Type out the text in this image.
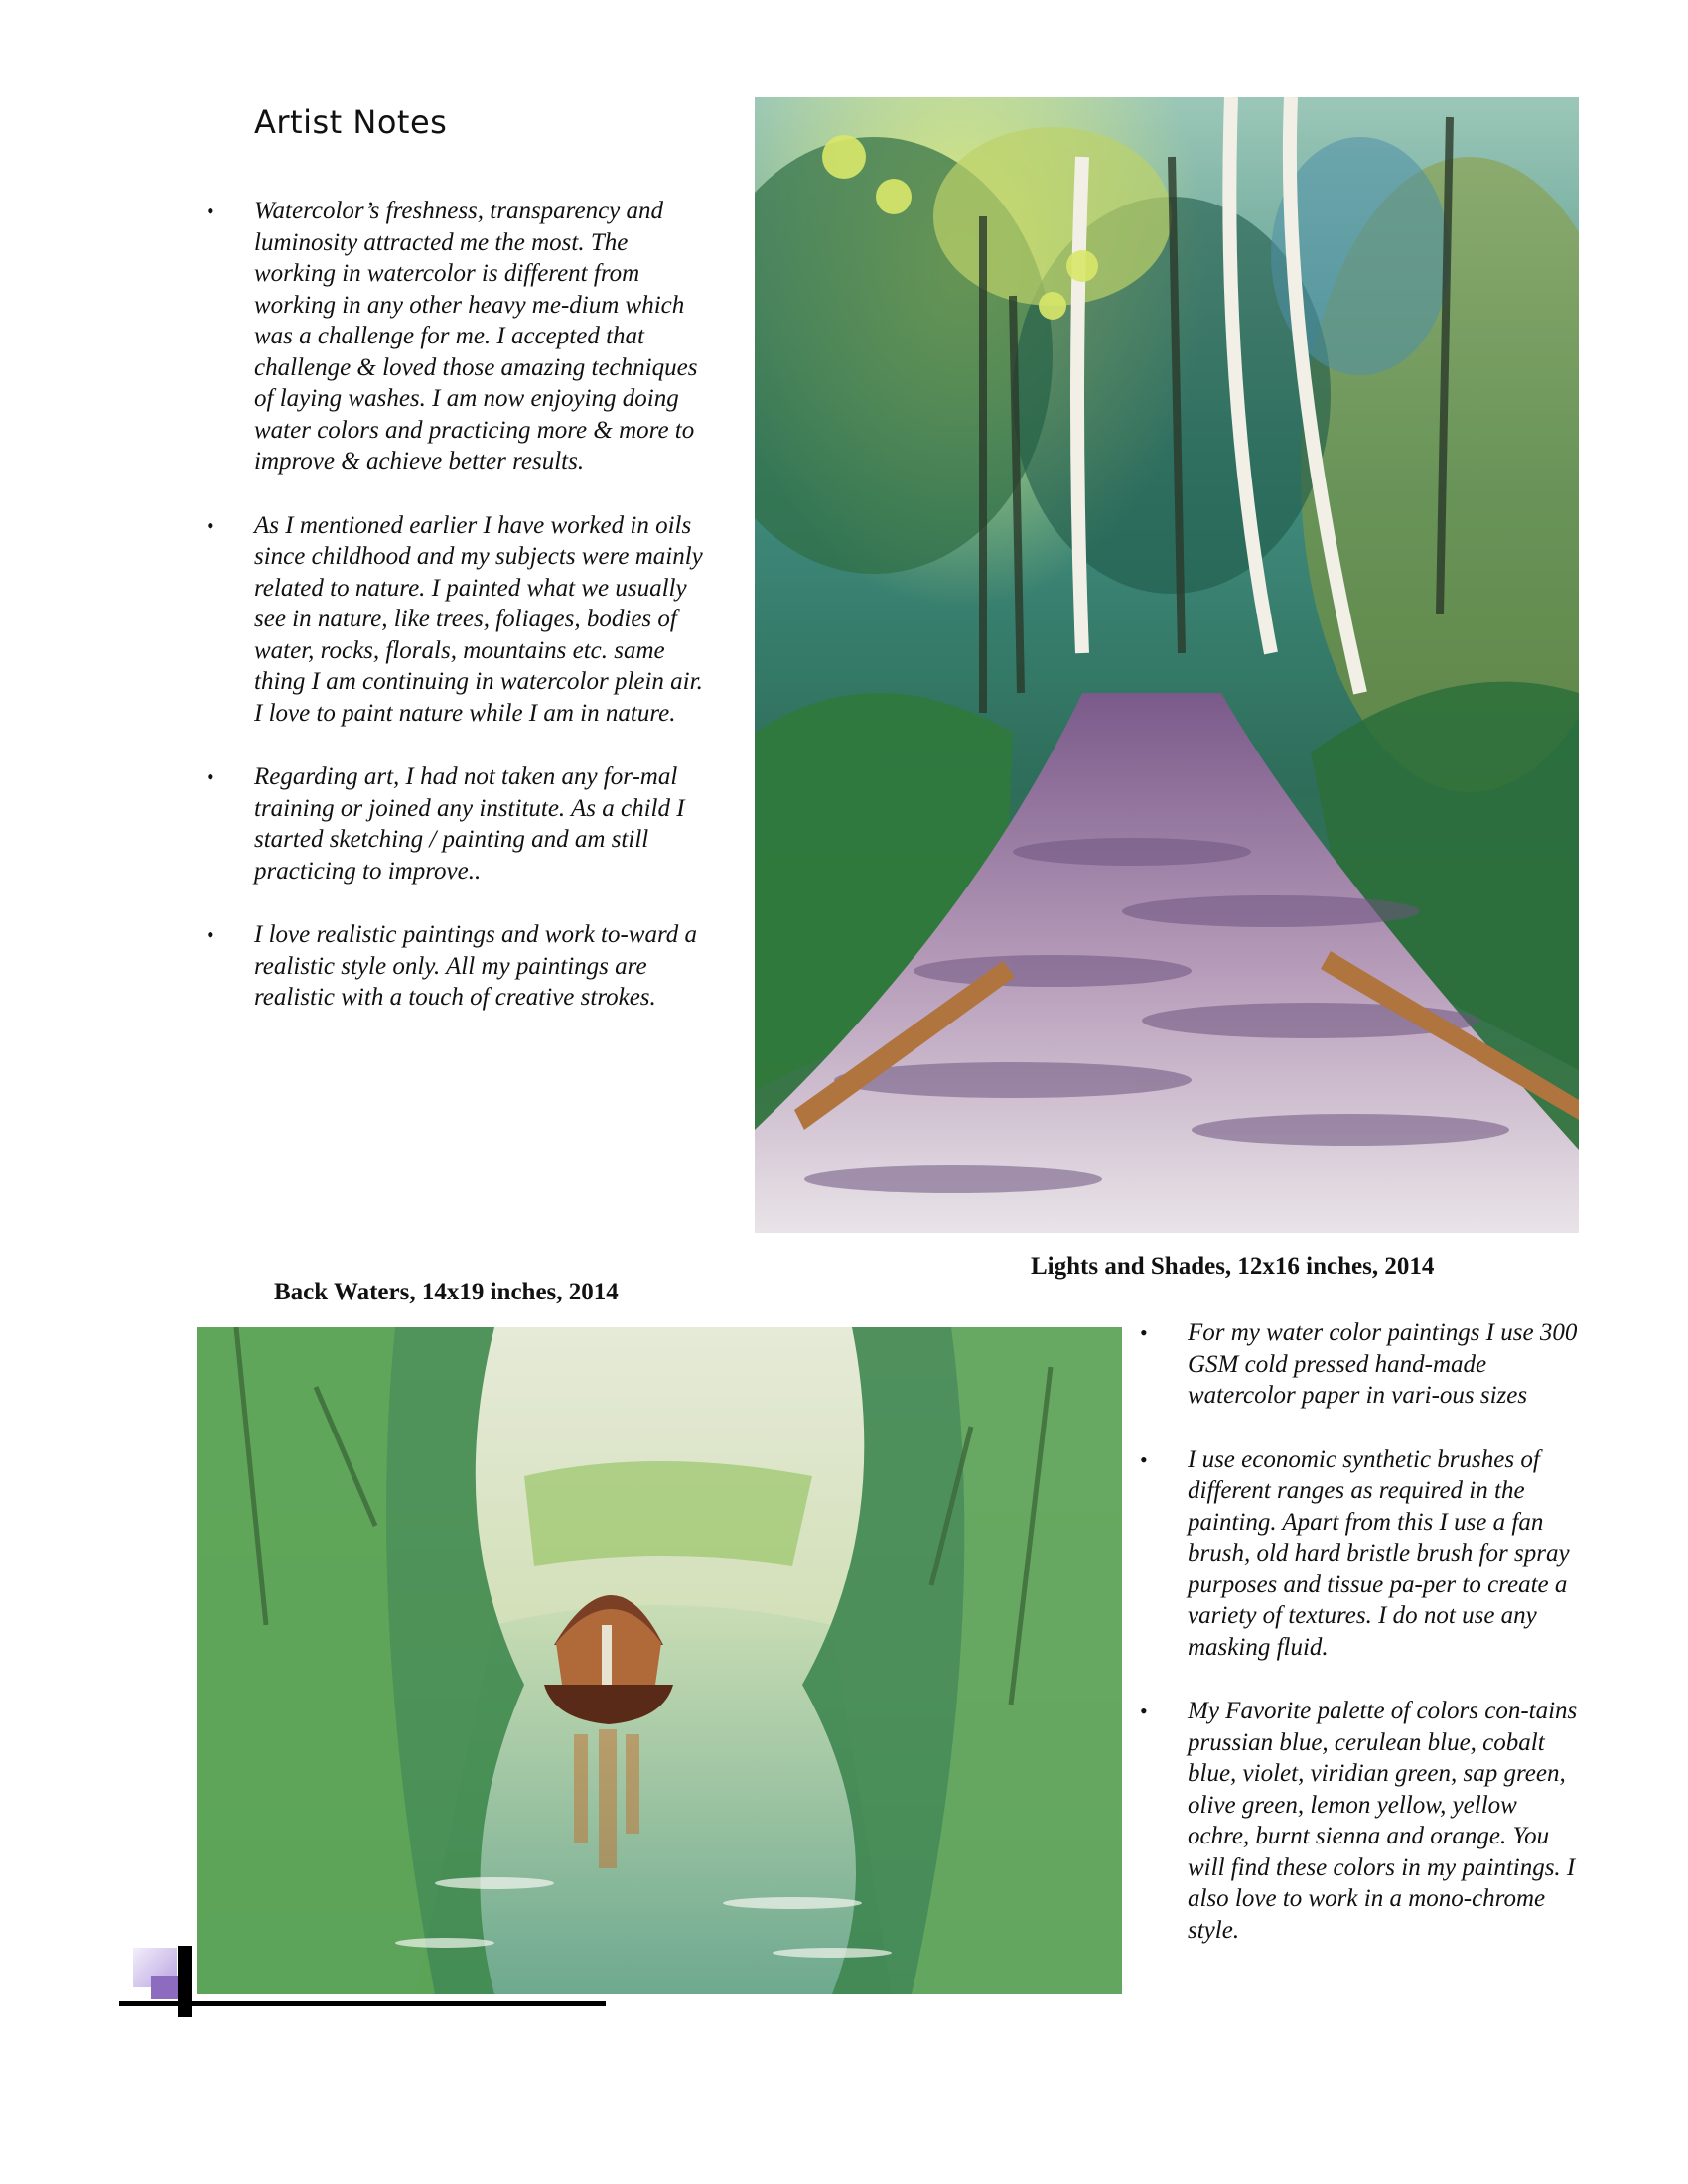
Artist Notes
• Watercolor’s freshness, transparency and luminosity attracted me the most. The working in watercolor is different from working in any other heavy me-dium which was a challenge for me. I accepted that challenge & loved those amazing techniques of laying washes. I am now enjoying doing water colors and practicing more & more to improve & achieve better results.
• As I mentioned earlier I have worked in oils since childhood and my subjects were mainly related to nature. I painted what we usually see in nature, like trees, foliages, bodies of water, rocks, florals, mountains etc. same thing I am continuing in watercolor plein air. I love to paint nature while I am in nature.
• Regarding art, I had not taken any for-mal training or joined any institute. As a child I started sketching / painting and am still practicing to improve..
• I love realistic paintings and work to-ward a realistic style only. All my paintings are realistic with a touch of creative strokes.

Lights and Shades, 12x16 inches, 2014

Back Waters, 14x19 inches, 2014

• For my water color paintings I use 300 GSM cold pressed hand-made watercolor paper in vari-ous sizes
• I use economic synthetic brushes of different ranges as required in the painting. Apart from this I use a fan brush, old hard bristle brush for spray purposes and tissue pa-per to create a variety of textures. I do not use any masking fluid.
• My Favorite palette of colors con-tains prussian blue, cerulean blue, cobalt blue, violet, viridian green, sap green, olive green, lemon yellow, yellow ochre, burnt sienna and orange. You will find these colors in my paintings. I also love to work in a mono-chrome style.
